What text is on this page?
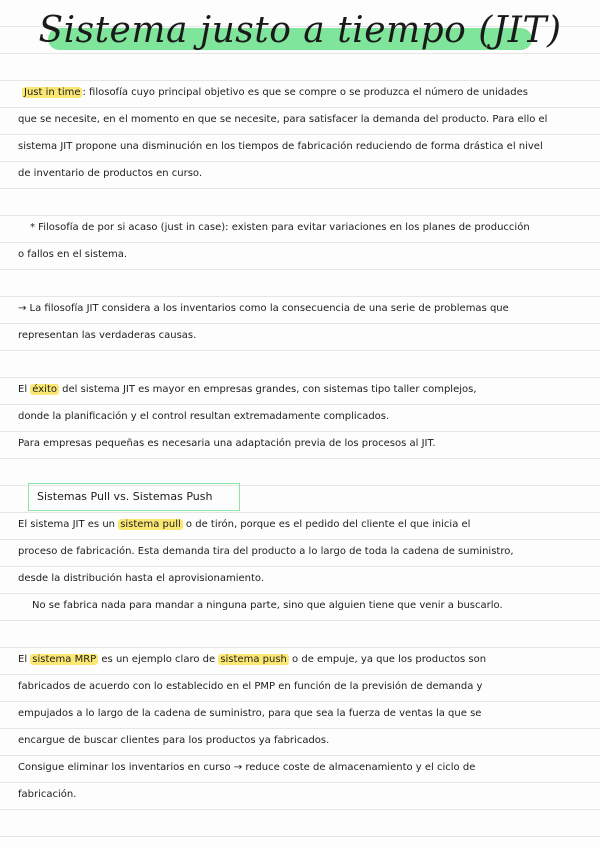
Sistema justo a tiempo (JIT)
Just in time : filosofía cuyo principal objetivo es que se compre o se produzca el número de unidades
que se necesite, en el momento en que se necesite, para satisfacer la demanda del producto. Para ello el
sistema JIT propone una disminución en los tiempos de fabricación reduciendo de forma drástica el nivel
de inventario de productos en curso.
* Filosofía de por si acaso (just in case): existen para evitar variaciones en los planes de producción
o fallos en el sistema.
→ La filosofía JIT considera a los inventarios como la consecuencia de una serie de problemas que
representan las verdaderas causas.
El éxito del sistema JIT es mayor en empresas grandes, con sistemas tipo taller complejos,
donde la planificación y el control resultan extremadamente complicados.
Para empresas pequeñas es necesaria una adaptación previa de los procesos al JIT.
Sistemas Pull vs. Sistemas Push
El sistema JIT es un sistema pull o de tirón, porque es el pedido del cliente el que inicia el
proceso de fabricación. Esta demanda tira del producto a lo largo de toda la cadena de suministro,
desde la distribución hasta el aprovisionamiento.
No se fabrica nada para mandar a ninguna parte, sino que alguien tiene que venir a buscarlo.
El sistema MRP es un ejemplo claro de sistema push o de empuje, ya que los productos son
fabricados de acuerdo con lo establecido en el PMP en función de la previsión de demanda y
empujados a lo largo de la cadena de suministro, para que sea la fuerza de ventas la que se
encargue de buscar clientes para los productos ya fabricados.
Consigue eliminar los inventarios en curso → reduce coste de almacenamiento y el ciclo de
fabricación.
